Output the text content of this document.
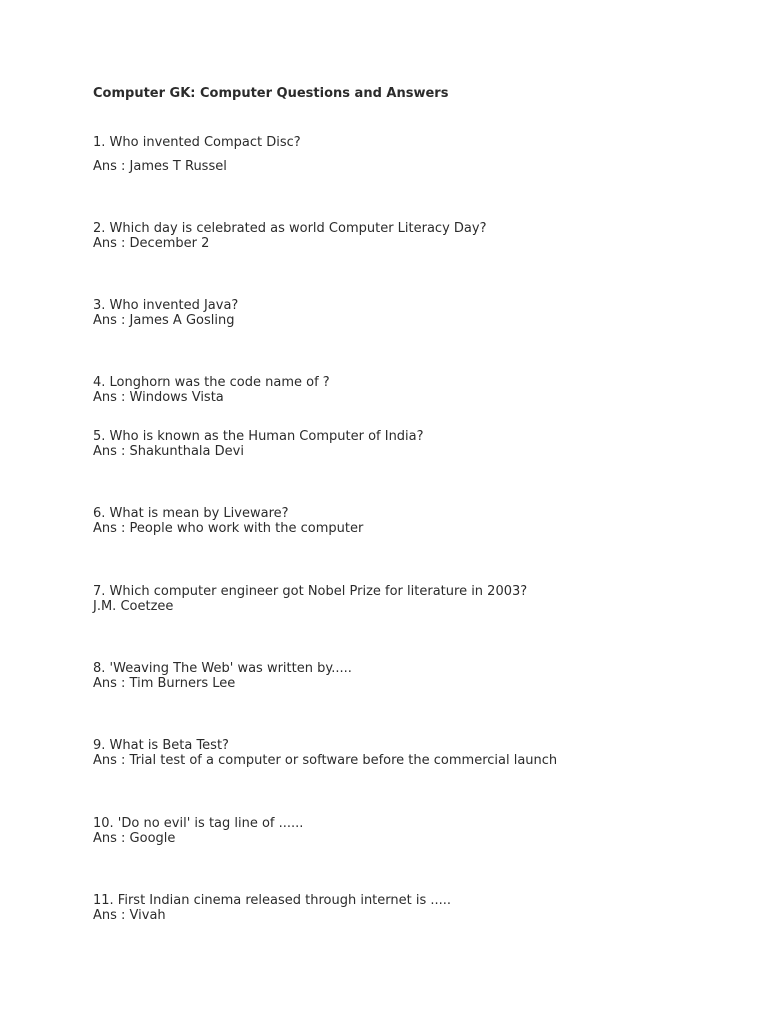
Computer GK: Computer Questions and Answers

1. Who invented Compact Disc?

Ans : James T Russel

2. Which day is celebrated as world Computer Literacy Day?

Ans : December 2

3. Who invented Java?

Ans : James A Gosling

4. Longhorn was the code name of ?

Ans : Windows Vista

5. Who is known as the Human Computer of India?

Ans : Shakunthala Devi

6. What is mean by Liveware?

Ans : People who work with the computer

7. Which computer engineer got Nobel Prize for literature in 2003?

J.M. Coetzee

8. 'Weaving The Web' was written by.....

Ans : Tim Burners Lee

9. What is Beta Test?

Ans : Trial test of a computer or software before the commercial launch

10. 'Do no evil' is tag line of ......

Ans : Google

11. First Indian cinema released through internet is .....

Ans : Vivah
